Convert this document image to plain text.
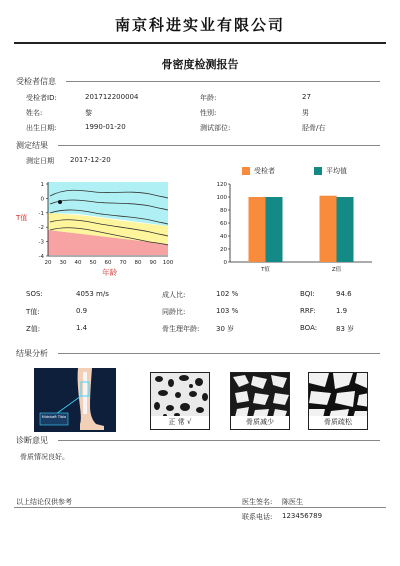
南京科进实业有限公司
骨密度检测报告
受检者信息
受检者ID:	201712200004	年龄:	27
姓名:	黎	性别:	男
出生日期:	1990-01-20	测试部位:	胫骨/右
测定结果
测定日期 2017-12-20
1
0
-1
-2
-3
-4
20 30 40 50 60 70 80 90 100
T值
年龄
受检者	平均值
120
100
80
60
40
20
0
T值	Z值
SOS:	4053 m/s	成人比:	102 %	BQI:	94.6
T值:	0.9	同龄比:	103 %	RRF:	1.9
Z值:	1.4	骨生理年龄: 30 岁	BOA:	83 岁
结果分析
Midshaft Tibia
正 常 √	骨质减少	骨质疏松
诊断意见
骨质情况良好。
以上结论仅供参考	医生签名: 陈医生
联系电话: 123456789
